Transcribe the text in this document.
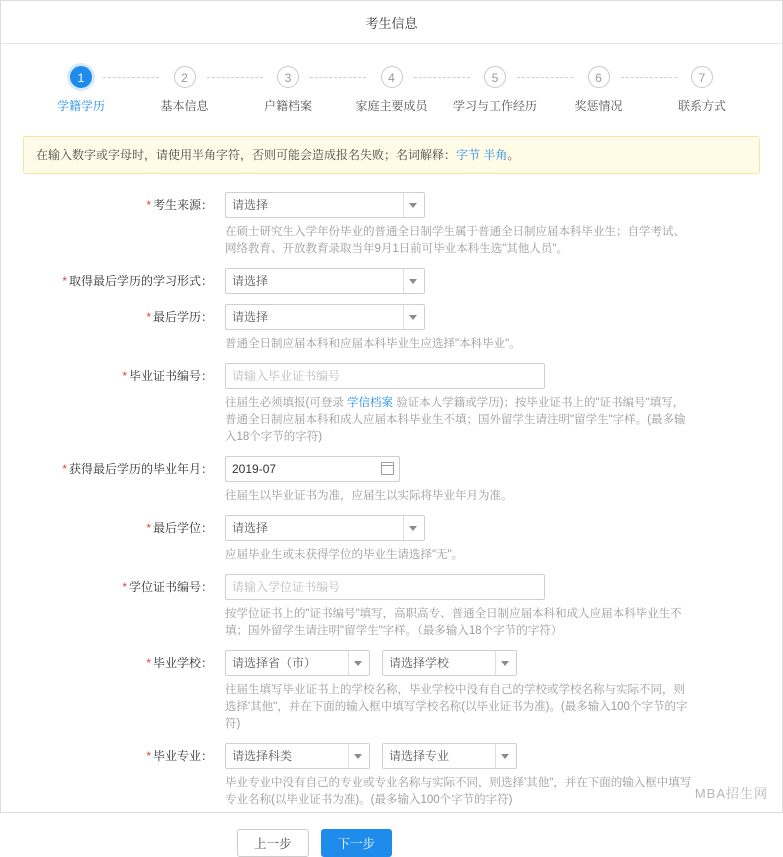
考生信息
1
学籍学历
2
基本信息
3
户籍档案
4
家庭主要成员
5
学习与工作经历
6
奖惩情况
7
联系方式
在输入数字或字母时，请使用半角字符，否则可能会造成报名失败；名词解释：字节 半角。
* 考生来源：
请选择
在硕士研究生入学年份毕业的普通全日制学生属于普通全日制应届本科毕业生；自学考试、网络教育、开放教育录取当年9月1日前可毕业本科生选"其他人员"。
* 取得最后学历的学习形式：
请选择
* 最后学历：
请选择
普通全日制应届本科和应届本科毕业生应选择"本科毕业"。
* 毕业证书编号：
请输入毕业证书编号
往届生必须填报(可登录 学信档案 验证本人学籍或学历)；按毕业证书上的"证书编号"填写，普通全日制应届本科和成人应届本科毕业生不填；国外留学生请注明"留学生"字样。(最多输入18个字节的字符)
* 获得最后学历的毕业年月：
2019-07
往届生以毕业证书为准，应届生以实际将毕业年月为准。
* 最后学位：
请选择
应届毕业生或未获得学位的毕业生请选择"无"。
* 学位证书编号：
请输入学位证书编号
按学位证书上的"证书编号"填写，高职高专、普通全日制应届本科和成人应届本科毕业生不填；国外留学生请注明"留学生"字样。（最多输入18个字节的字符）
* 毕业学校：
请选择省（市）
请选择学校
往届生填写毕业证书上的学校名称，毕业学校中没有自己的学校或学校名称与实际不同，则选择'其他"，并在下面的输入框中填写学校名称(以毕业证书为准)。(最多输入100个字节的字符)
* 毕业专业：
请选择科类
请选择专业
毕业专业中没有自己的专业或专业名称与实际不同，则选择'其他"，并在下面的输入框中填写专业名称(以毕业证书为准)。(最多输入100个字节的字符)
上一步	下一步
MBA招生网
